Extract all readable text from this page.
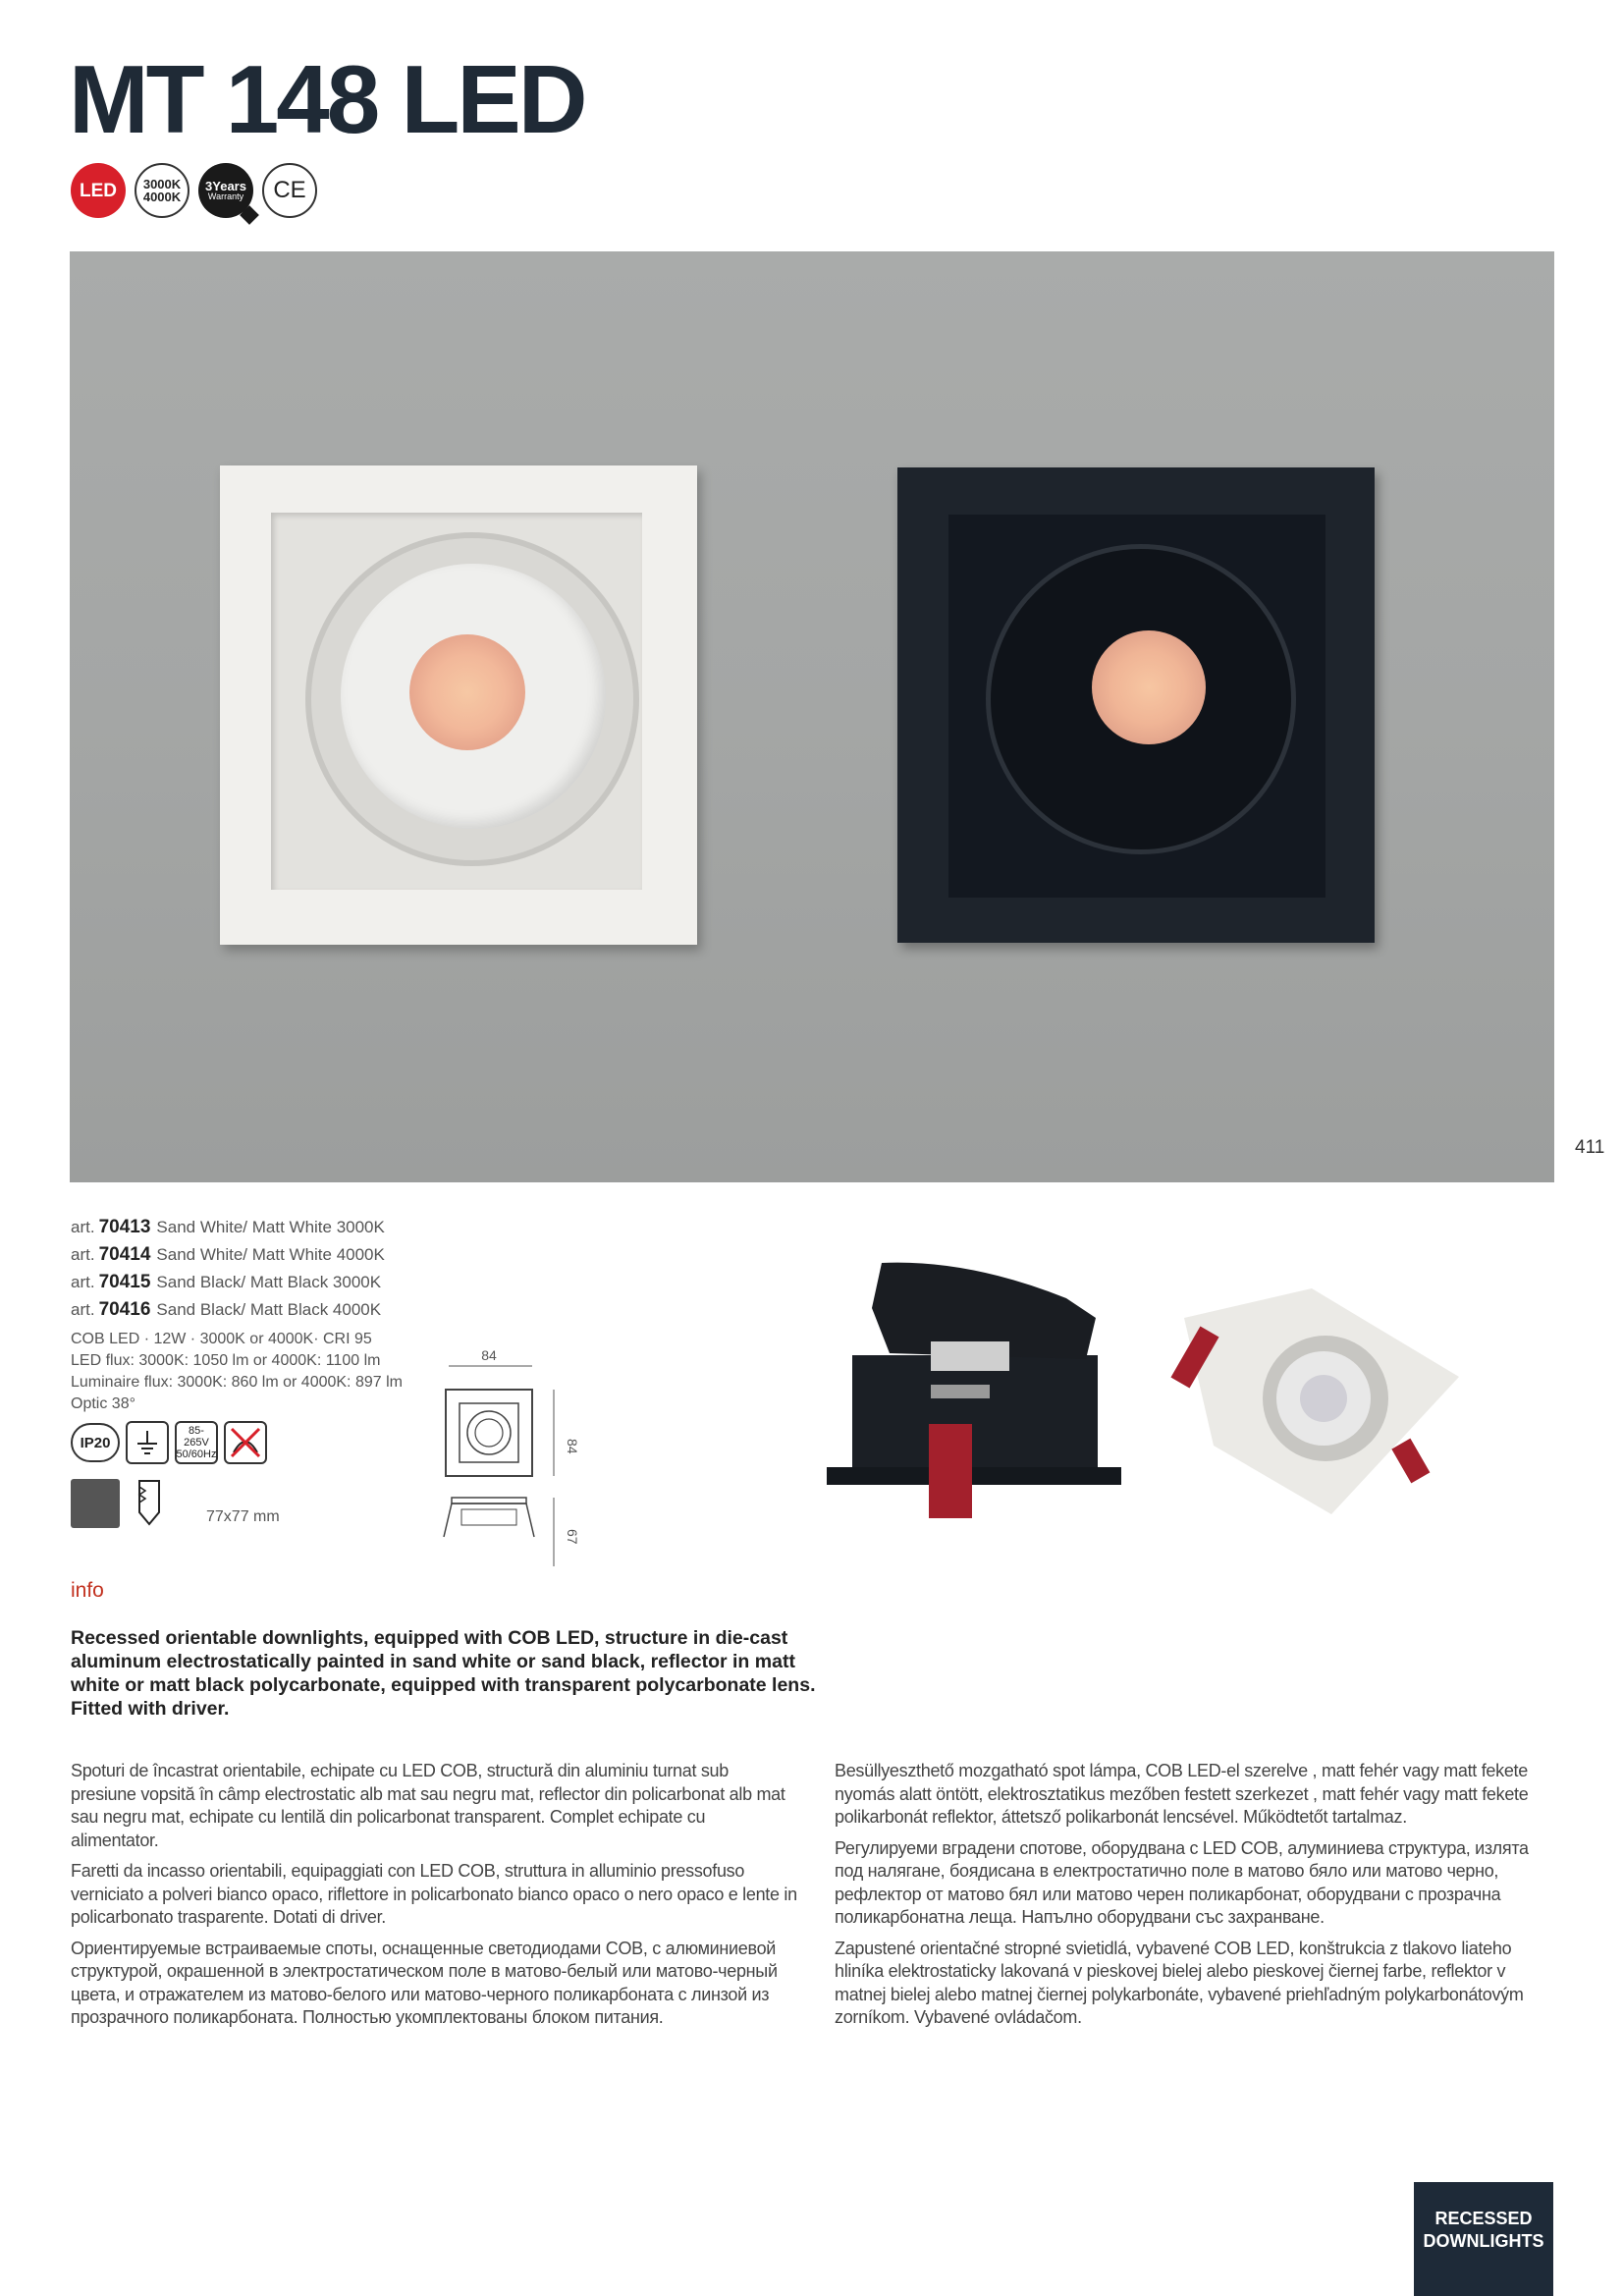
MT 148 LED
LED 3000K
4000K
3Years
Warranty CE
411
art. 70413 Sand White/ Matt White 3000K
art. 70414 Sand White/ Matt White 4000K
art. 70415 Sand Black/ Matt Black 3000K
art. 70416 Sand Black/ Matt Black 4000K
COB LED · 12W · 3000K or 4000K· CRI 95
LED flux: 3000K: 1050 lm or 4000K: 1100 lm
Luminaire flux: 3000K: 860 lm or 4000K: 897 lm
Optic 38°
IP20
85-265V
50/60Hz
77x77 mm
84
84
67
info
Recessed orientable downlights, equipped with COB LED, structure in die-cast aluminum electrostatically painted in sand white or sand black, reflector in matt white or matt black polycarbonate, equipped with transparent polycarbonate lens. Fitted with driver.

Spoturi de încastrat orientabile, echipate cu LED COB, structură din aluminiu turnat sub presiune vopsită în câmp electrostatic alb mat sau negru mat, reflector din policarbonat alb mat sau negru mat, echipate cu lentilă din policarbonat transparent. Complet echipate cu alimentator.

Faretti da incasso orientabili, equipaggiati con LED COB, struttura in alluminio pressofuso verniciato a polveri bianco opaco, riflettore in policarbonato bianco opaco o nero opaco e lente in policarbonato trasparente. Dotati di driver.

Ориентируемые встраиваемые споты, оснащенные светодиодами COB, с алюминиевой структурой, окрашенной в электростатическом поле в матово-белый или матово-черный цвета, и отражателем из матово-белого или матово-черного поликарбоната с линзой из прозрачного поликарбоната. Полностью укомплектованы блоком питания.

Besüllyeszthető mozgatható spot lámpa, COB LED-el szerelve , matt fehér vagy matt fekete nyomás alatt öntött, elektrosztatikus mezőben festett szerkezet , matt fehér vagy matt fekete polikarbonát reflektor, áttetsző polikarbonát lencsével. Működtetőt tartalmaz.

Регулируеми вградени спотове, оборудвана с LED COB, алуминиева структура, излята под налягане, боядисана в електростатично поле в матово бяло или матово черно, рефлектор от матово бял или матово черен поликарбонат, оборудвани с прозрачна поликарбонатна леща. Напълно оборудвани със захранване.

Zapustené orientačné stropné svietidlá, vybavené COB LED, konštrukcia z tlakovo liateho hliníka elektrostaticky lakovaná v pieskovej bielej alebo pieskovej čiernej farbe, reflektor v matnej bielej alebo matnej čiernej polykarbonáte, vybavené priehľadným polykarbonátovým zorníkom. Vybavené ovládačom.

RECESSED
DOWNLIGHTS
